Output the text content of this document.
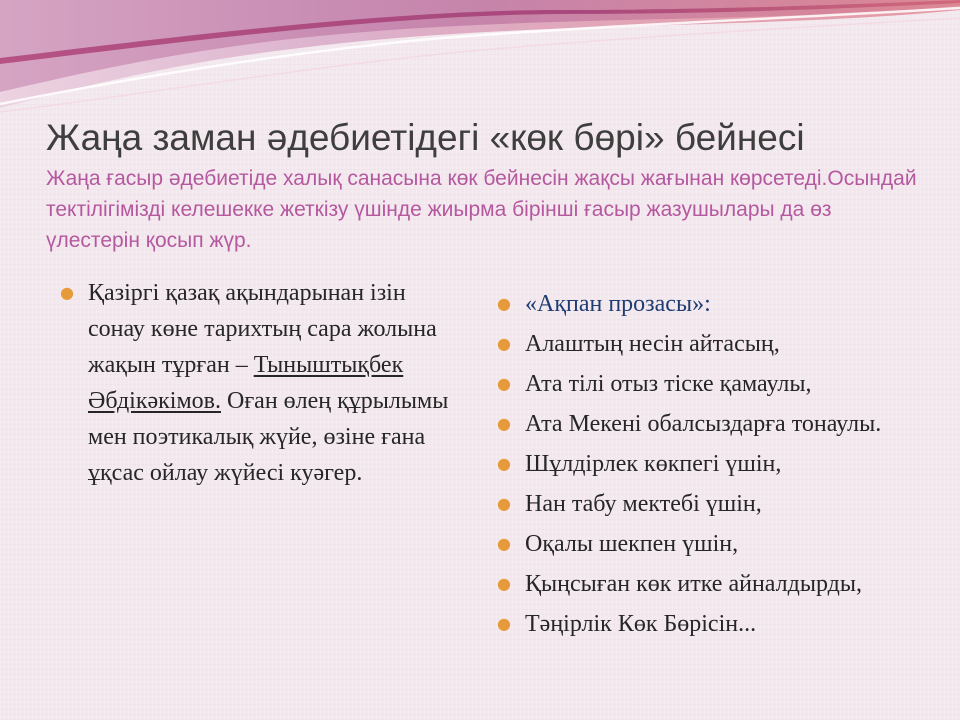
Жаңа заман әдебиетідегі «көк бөрі» бейнесі

Жаңа ғасыр әдебиетіде халық санасына көк бейнесін жақсы жағынан көрсетеді.Осындай тектілігімізді келешекке жеткізу үшінде жиырма бірінші ғасыр жазушылары да өз үлестерін қосып жүр.

● Қазіргі қазақ ақындарынан ізін сонау көне тарихтың сара жолына жақын тұрған – Тыныштықбек Әбдікәкімов. Оған өлең құрылымы мен поэтикалық жүйе, өзіне ғана ұқсас ойлау жүйесі куәгер.
● «Ақпан прозасы»:
● Алаштың несін айтасың,
● Ата тілі отыз тіске қамаулы,
● Ата Мекені обалсыздарға тонаулы.
● Шұлдірлек көкпегі үшін,
● Нан табу мектебі үшін,
● Оқалы шекпен үшін,
● Қыңсыған көк итке айналдырды,
● Тәңірлік Көк Бөрісін...
